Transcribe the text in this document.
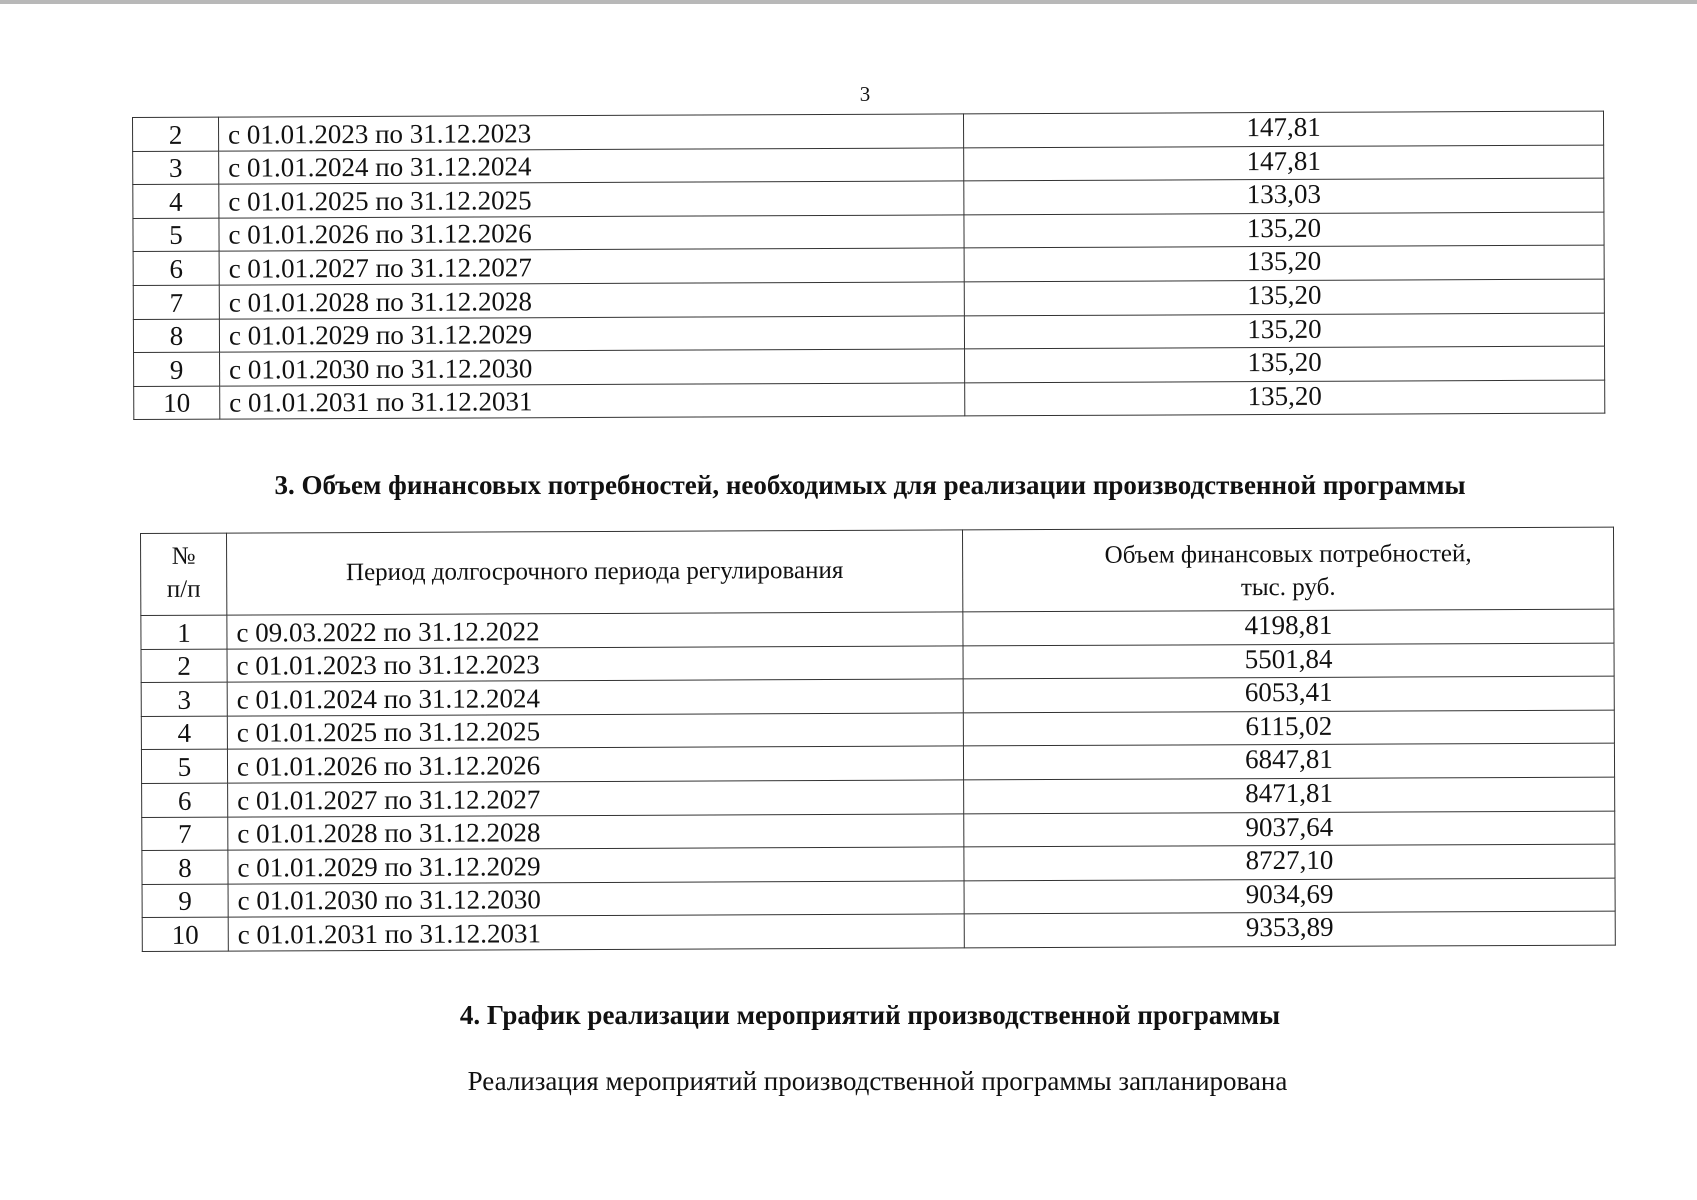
3
2	с 01.01.2023 по 31.12.2023	147,81
3	с 01.01.2024 по 31.12.2024	147,81
4	с 01.01.2025 по 31.12.2025	133,03
5	с 01.01.2026 по 31.12.2026	135,20
6	с 01.01.2027 по 31.12.2027	135,20
7	с 01.01.2028 по 31.12.2028	135,20
8	с 01.01.2029 по 31.12.2029	135,20
9	с 01.01.2030 по 31.12.2030	135,20
10	с 01.01.2031 по 31.12.2031	135,20
3. Объем финансовых потребностей, необходимых для реализации производственной программы
№
п/п	Период долгосрочного периода регулирования	Объем финансовых потребностей,
тыс. руб.
1	с 09.03.2022 по 31.12.2022	4198,81
2	с 01.01.2023 по 31.12.2023	5501,84
3	с 01.01.2024 по 31.12.2024	6053,41
4	с 01.01.2025 по 31.12.2025	6115,02
5	с 01.01.2026 по 31.12.2026	6847,81
6	с 01.01.2027 по 31.12.2027	8471,81
7	с 01.01.2028 по 31.12.2028	9037,64
8	с 01.01.2029 по 31.12.2029	8727,10
9	с 01.01.2030 по 31.12.2030	9034,69
10	с 01.01.2031 по 31.12.2031	9353,89
4. График реализации мероприятий производственной программы
Реализация мероприятий производственной программы запланирована
